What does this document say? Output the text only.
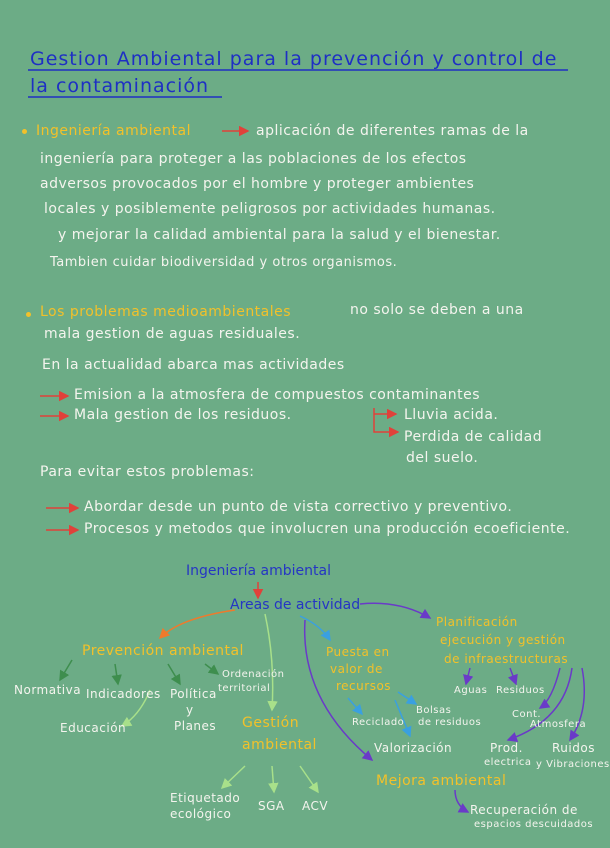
Gestion Ambiental para la prevención y control de
la contaminación
Ingeniería ambiental	aplicación de diferentes ramas de la
ingeniería para proteger a las poblaciones de los efectos
adversos provocados por el hombre y proteger ambientes
locales y posiblemente peligrosos por actividades humanas.
y mejorar la calidad ambiental para la salud y el bienestar.
Tambien cuidar biodiversidad y otros organismos.
Los problemas medioambientales	no solo se deben a una
mala gestion de aguas residuales.
En la actualidad abarca mas actividades
Emision a la atmosfera de compuestos contaminantes
Mala gestion de los residuos.	Lluvia acida.
Perdida de calidad
del suelo.
Para evitar estos problemas:
Abordar desde un punto de vista correctivo y preventivo.
Procesos y metodos que involucren una producción ecoeficiente.
Ingeniería ambiental
Areas de actividad
Prevención ambiental
Normativa Indicadores Política
y
Planes
Ordenación
territorial
Educación	Gestión
ambiental
Etiquetado
ecológico
SGA ACV
Puesta en
valor de
recursos
Reciclado
Bolsas
de residuos
Valorización
Planificación
ejecución y gestión
de infraestructuras
Aguas Residuos
Cont.
Atmosfera
Prod.
electrica
Ruidos
y Vibraciones
Mejora ambiental
Recuperación de
espacios descuidados
